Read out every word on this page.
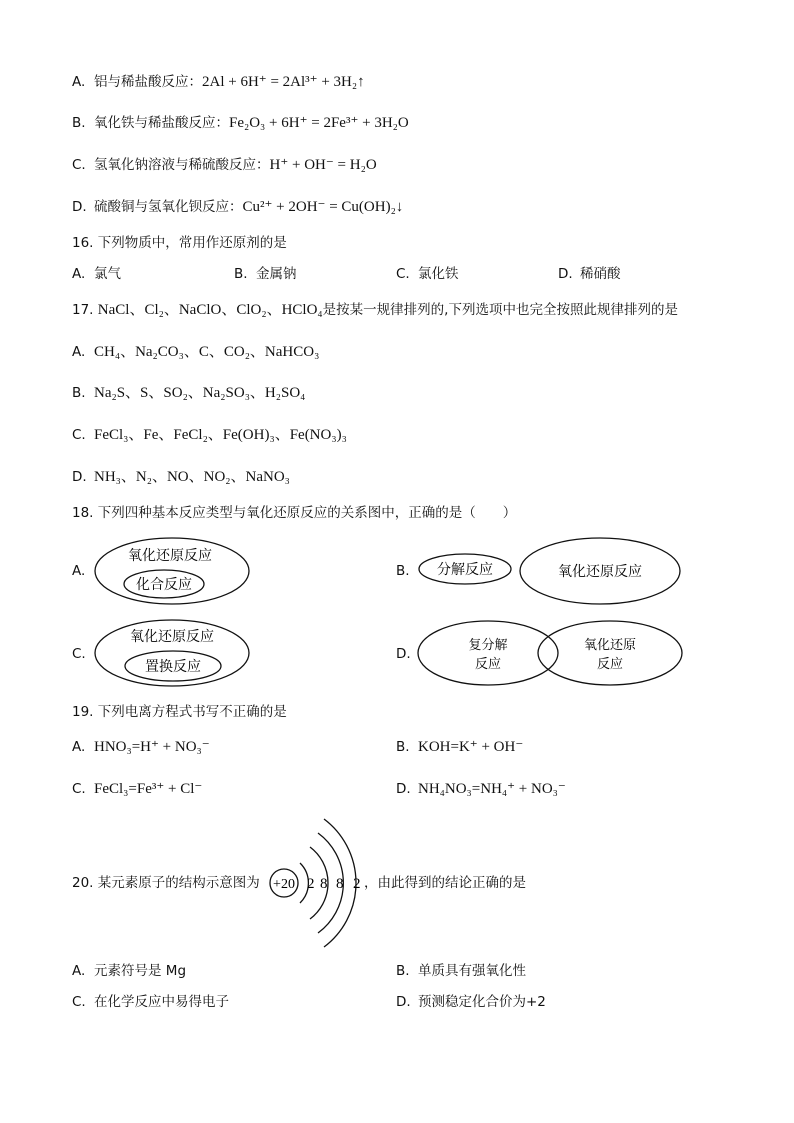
A. 铝与稀盐酸反应：2Al + 6H⁺ = 2Al³⁺ + 3H₂↑
B. 氧化铁与稀盐酸反应：Fe₂O₃ + 6H⁺ = 2Fe³⁺ + 3H₂O
C. 氢氧化钠溶液与稀硫酸反应：H⁺ + OH⁻ = H₂O
D. 硫酸铜与氢氧化钡反应：Cu²⁺ + 2OH⁻ = Cu(OH)₂↓
16. 下列物质中，常用作还原剂的是
A. 氯气	B. 金属钠	C. 氯化铁	D. 稀硝酸
17. NaCl、Cl₂、NaClO、ClO₂、HClO₄是按某一规律排列的,下列选项中也完全按照此规律排列的是
A. CH₄、Na₂CO₃、C、CO₂、NaHCO₃
B. Na₂S、S、SO₂、Na₂SO₃、H₂SO₄
C. FeCl₃、Fe、FeCl₂、Fe(OH)₃、Fe(NO₃)₃
D. NH₃、N₂、NO、NO₂、NaNO₃
18. 下列四种基本反应类型与氧化还原反应的关系图中，正确的是（　　）
A.
氧化还原反应
化合反应
B. 分解反应	氧化还原反应
C.
氧化还原反应
置换反应
D.
复分解
反应
氧化还原
反应
19. 下列电离方程式书写不正确的是
A. HNO₃=H⁺ + NO₃⁻	B. KOH=K⁺ + OH⁻
C. FeCl₃=Fe³⁺ + Cl⁻	D. NH₄NO₃=NH₄⁺ + NO₃⁻
20. 某元素原子的结构示意图为 +20 2 8 8 2 ，由此得到的结论正确的是
A. 元素符号是 Mg	B. 单质具有强氧化性
C. 在化学反应中易得电子	D. 预测稳定化合价为+2
